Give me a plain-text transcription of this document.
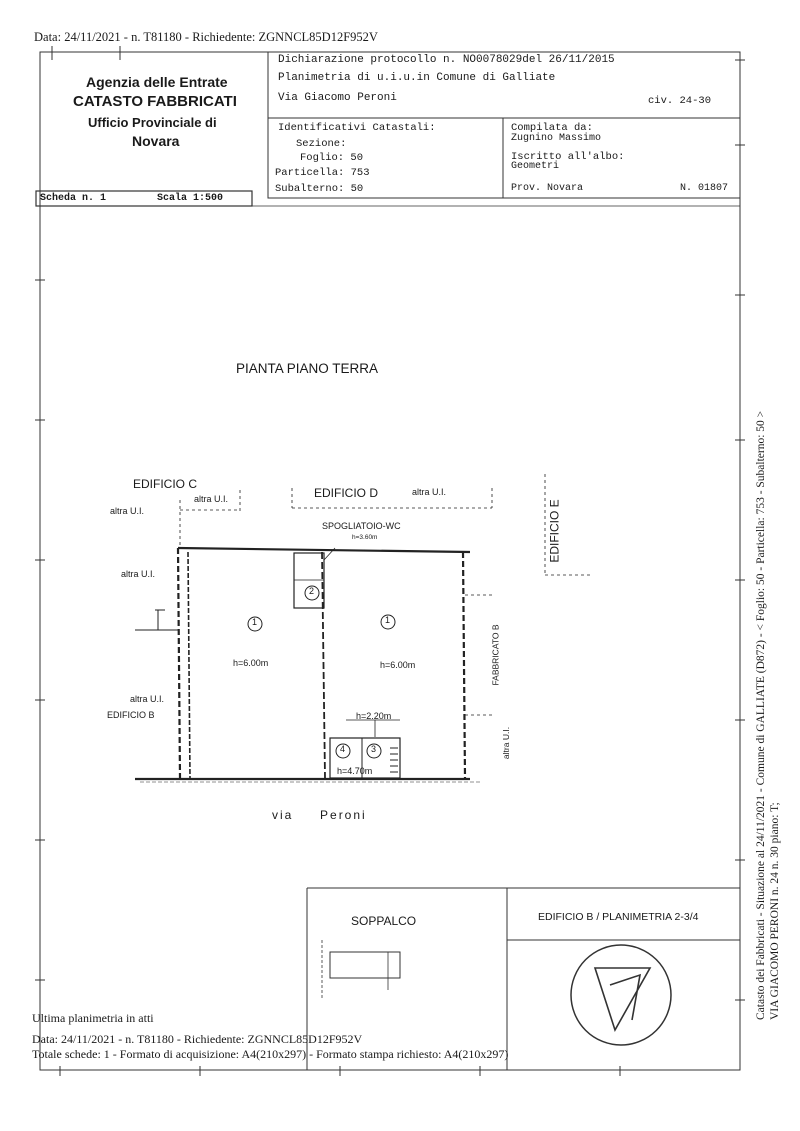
Data: 24/11/2021 - n. T81180 - Richiedente: ZGNNCL85D12F952V
Agenzia delle Entrate
CATASTO FABBRICATI
Ufficio Provinciale di
Novara
Dichiarazione protocollo n. NO0078029del 26/11/2015
Planimetria di u.i.u.in Comune di Galliate
Via Giacomo Peroni	civ. 24-30
Identificativi Catastali:
Sezione:
Foglio: 50
Particella: 753
Subalterno: 50
Compilata da:
Zugnino Massimo
Iscritto all'albo:
Geometri
Prov. Novara	N. 01807
Scheda n. 1	Scala 1:500
PIANTA PIANO TERRA
EDIFICIO C
EDIFICIO D	altra U.I.
altra U.I.
altra U.I.
altra U.I.
altra U.I.
EDIFICIO B
EDIFICIO E
FABBRICATO B
altra U.I.
SPOGLIATOIO-WC
h=3.60m
h=6.00m	h=6.00m
h=2.20m
h=4.70m
1	1
2
3
4
via     Peroni
SOPPALCO	EDIFICIO B / PLANIMETRIA 2-3/4
Ultima planimetria in atti
Data: 24/11/2021 - n. T81180 - Richiedente: ZGNNCL85D12F952V
Totale schede: 1 - Formato di acquisizione: A4(210x297) - Formato stampa richiesto: A4(210x297)
Catasto dei Fabbricati - Situazione al 24/11/2021 - Comune di GALLIATE (D872) - < Foglio: 50 - Particella: 753 - Subalterno: 50 > VIA GIACOMO PERONI n. 24 n. 30 piano: T;
